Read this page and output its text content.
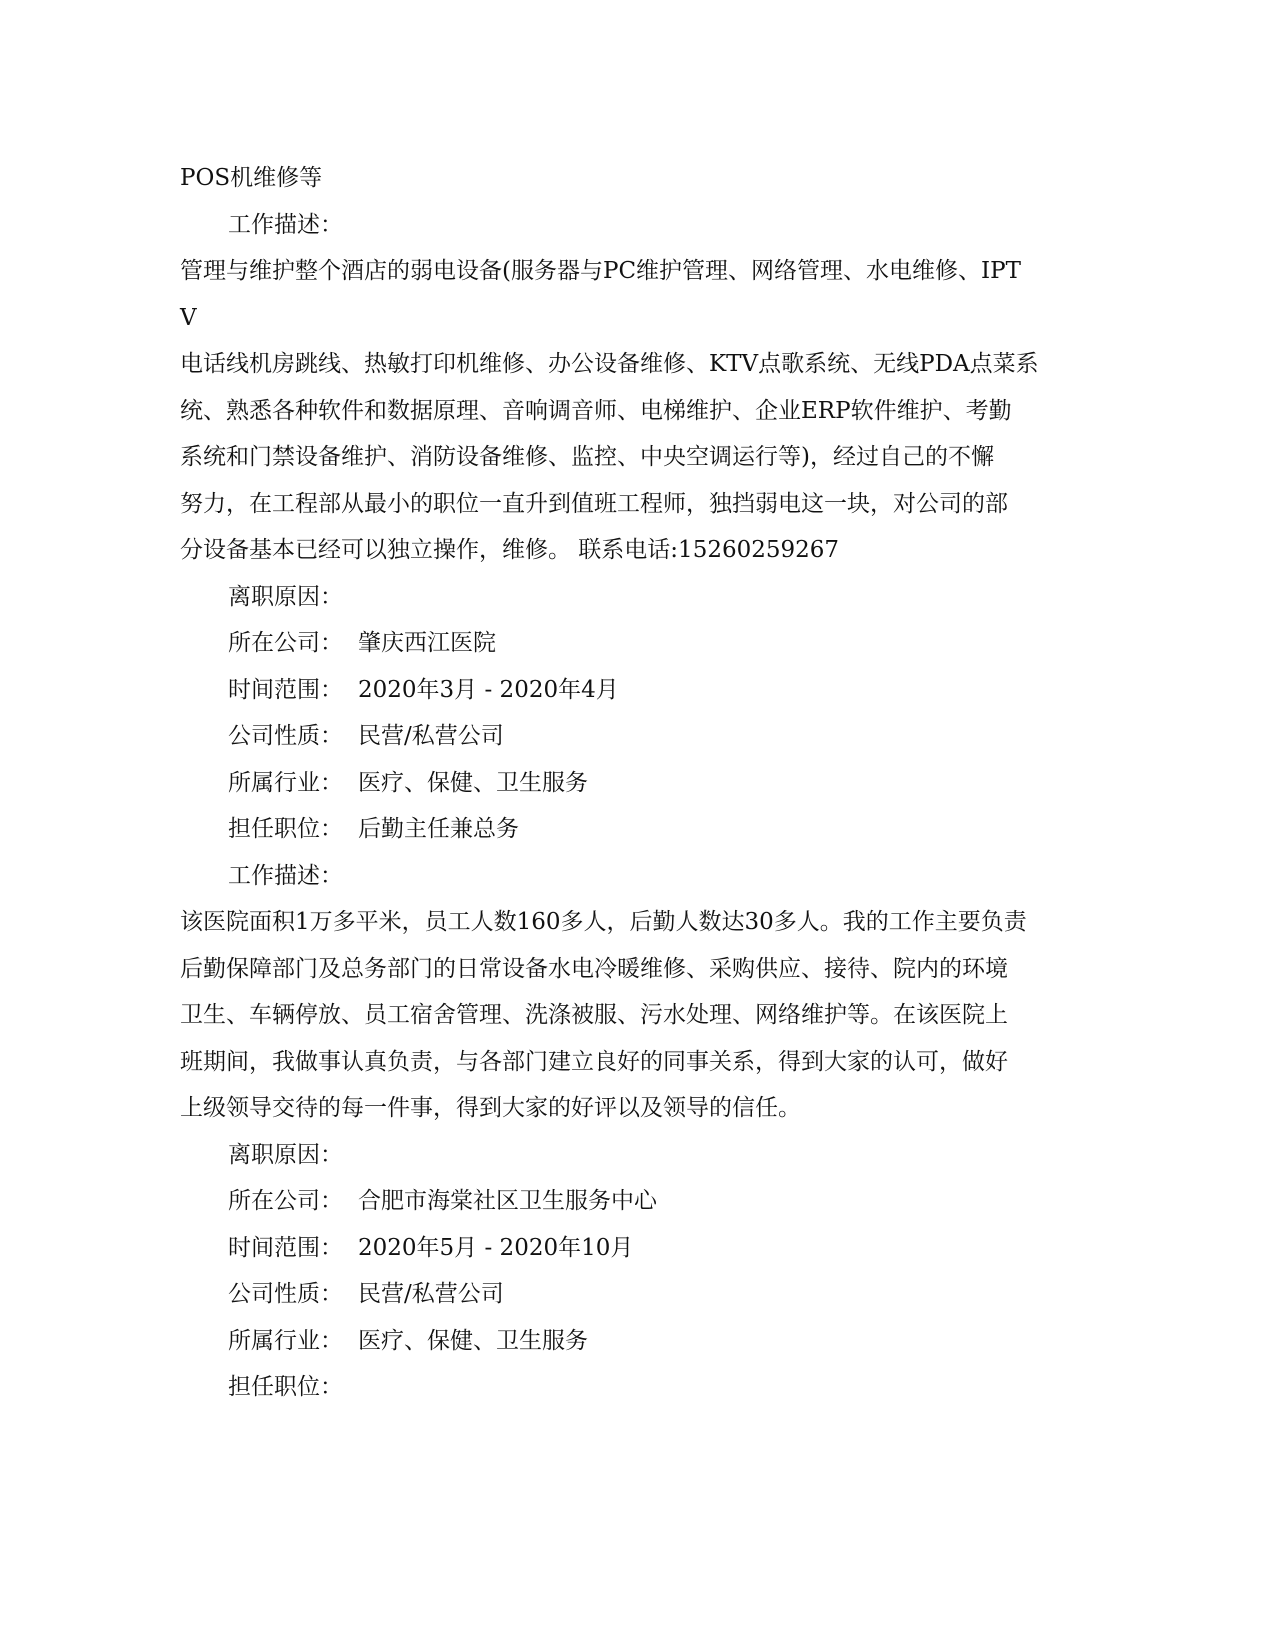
POS机维修等
工作描述：
管理与维护整个酒店的弱电设备(服务器与PC维护管理、网络管理、水电维修、IPT
V
电话线机房跳线、热敏打印机维修、办公设备维修、KTV点歌系统、无线PDA点菜系
统、熟悉各种软件和数据原理、音响调音师、电梯维护、企业ERP软件维护、考勤
系统和门禁设备维护、消防设备维修、监控、中央空调运行等)，经过自己的不懈
努力，在工程部从最小的职位一直升到值班工程师，独挡弱电这一块，对公司的部
分设备基本已经可以独立操作，维修。 联系电话:15260259267
离职原因：
所在公司： 肇庆西江医院
时间范围： 2020年3月 - 2020年4月
公司性质： 民营/私营公司
所属行业： 医疗、保健、卫生服务
担任职位： 后勤主任兼总务
工作描述：
该医院面积1万多平米，员工人数160多人，后勤人数达30多人。我的工作主要负责
后勤保障部门及总务部门的日常设备水电冷暖维修、采购供应、接待、院内的环境
卫生、车辆停放、员工宿舍管理、洗涤被服、污水处理、网络维护等。在该医院上
班期间，我做事认真负责，与各部门建立良好的同事关系，得到大家的认可，做好
上级领导交待的每一件事，得到大家的好评以及领导的信任。
离职原因：
所在公司： 合肥市海棠社区卫生服务中心
时间范围： 2020年5月 - 2020年10月
公司性质： 民营/私营公司
所属行业： 医疗、保健、卫生服务
担任职位：
